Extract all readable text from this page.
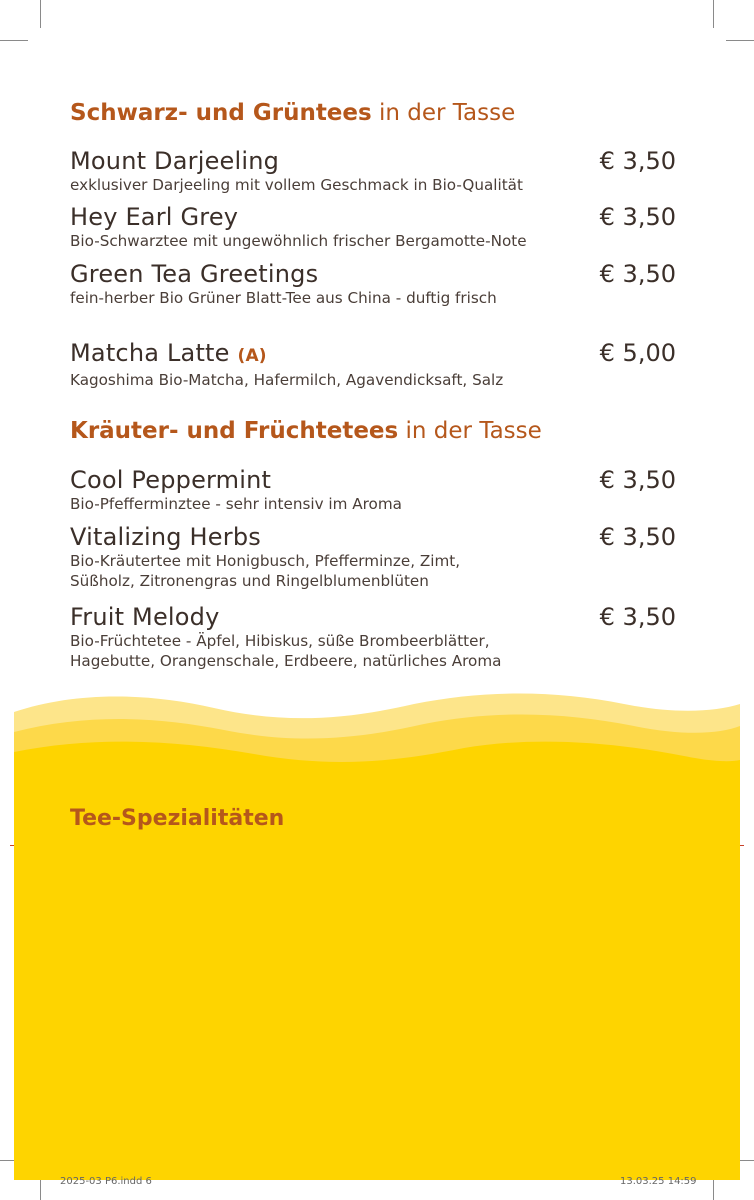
Schwarz- und Grüntees in der Tasse
Mount Darjeeling
exklusiver Darjeeling mit vollem Geschmack in Bio-Qualität
€ 3,50
Hey Earl Grey
Bio-Schwarztee mit ungewöhnlich frischer Bergamotte-Note
€ 3,50
Green Tea Greetings
fein-herber Bio Grüner Blatt-Tee aus China - duftig frisch
€ 3,50
Matcha Latte (A)
Kagoshima Bio-Matcha, Hafermilch, Agavendicksaft, Salz
€ 5,00
Kräuter- und Früchtetees in der Tasse
Cool Peppermint
Bio-Pfefferminztee - sehr intensiv im Aroma
€ 3,50
Vitalizing Herbs
Bio-Kräutertee mit Honigbusch, Pfefferminze, Zimt,
Süßholz, Zitronengras und Ringelblumenblüten
€ 3,50
Fruit Melody
Bio-Früchtetee - Äpfel, Hibiskus, süße Brombeerblätter,
Hagebutte, Orangenschale, Erdbeere, natürliches Aroma
€ 3,50
Tee-Spezialitäten
2025-03 P6.indd 6	13.03.25 14:59
